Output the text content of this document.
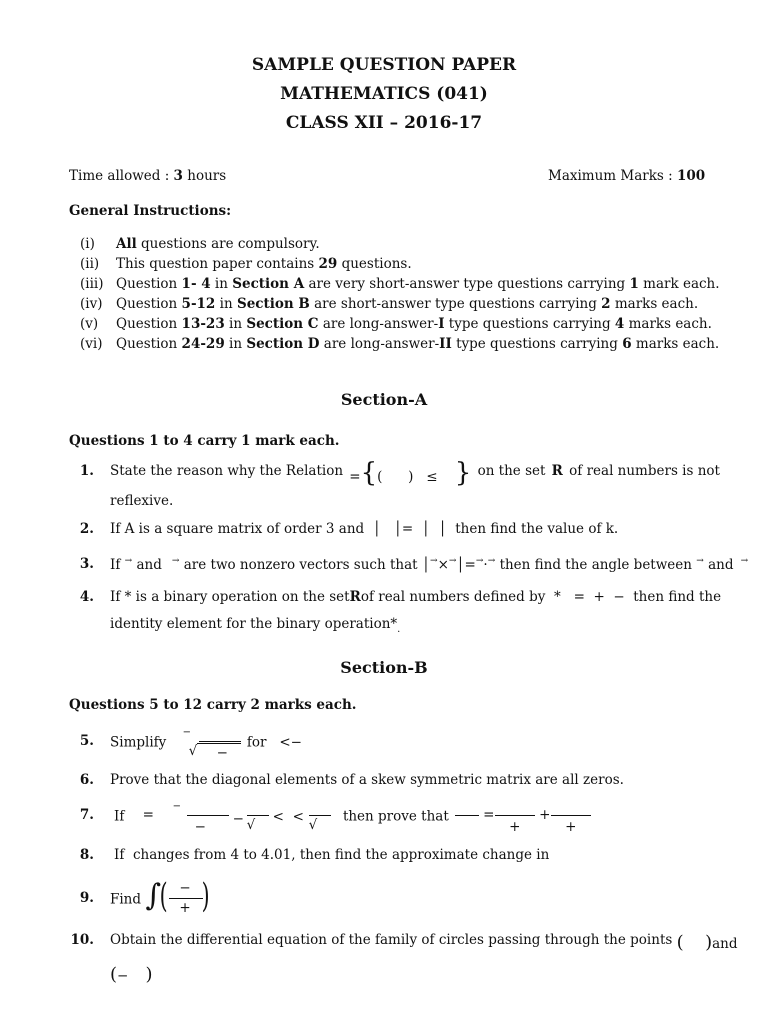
SAMPLE QUESTION PAPER
MATHEMATICS (041)
CLASS XII – 2016-17
Time allowed : 3 hours	Maximum Marks : 100
General Instructions:
(i) All questions are compulsory.
(ii) This question paper contains 29 questions.
(iii) Question 1- 4 in Section A are very short-answer type questions carrying 1 mark each.
(iv) Question 5-12 in Section B are short-answer type questions carrying 2 marks each.
(v) Question 13-23 in Section C are long-answer-I type questions carrying 4 marks each.
(vi) Question 24-29 in Section D are long-answer-II type questions carrying 6 marks each.
Section-A
Questions 1 to 4 carry 1 mark each.
1. State the reason why the Relation ={(      )   ≤    } on the set R of real numbers is not
reflexive.
2. If A is a square matrix of order 3 and  │   │=  │  │  then find the value of k.
3. If → and   → are two nonzero vectors such that │→×→│=→·→ then find the angle between → and  →
4. If * is a binary operation on the set R of real numbers defined by *   =  +  − then find the
identity element for the binary $operation*_.$
Section-B
Questions 5 to 12 carry 2 marks each.
5. Simplify
−
√ −
for   <−
6. Prove that the diagonal elements of a skew symmetric matrix are all zeros.
7. If =
−
− − √ < < √
then prove that	=
+
+
+
8. If changes from 4 to 4.01, then find the approximate change in
9. Find ∫ ( −
+ )
10. Obtain the differential equation of the family of circles passing through the points ( )and
(−    )
